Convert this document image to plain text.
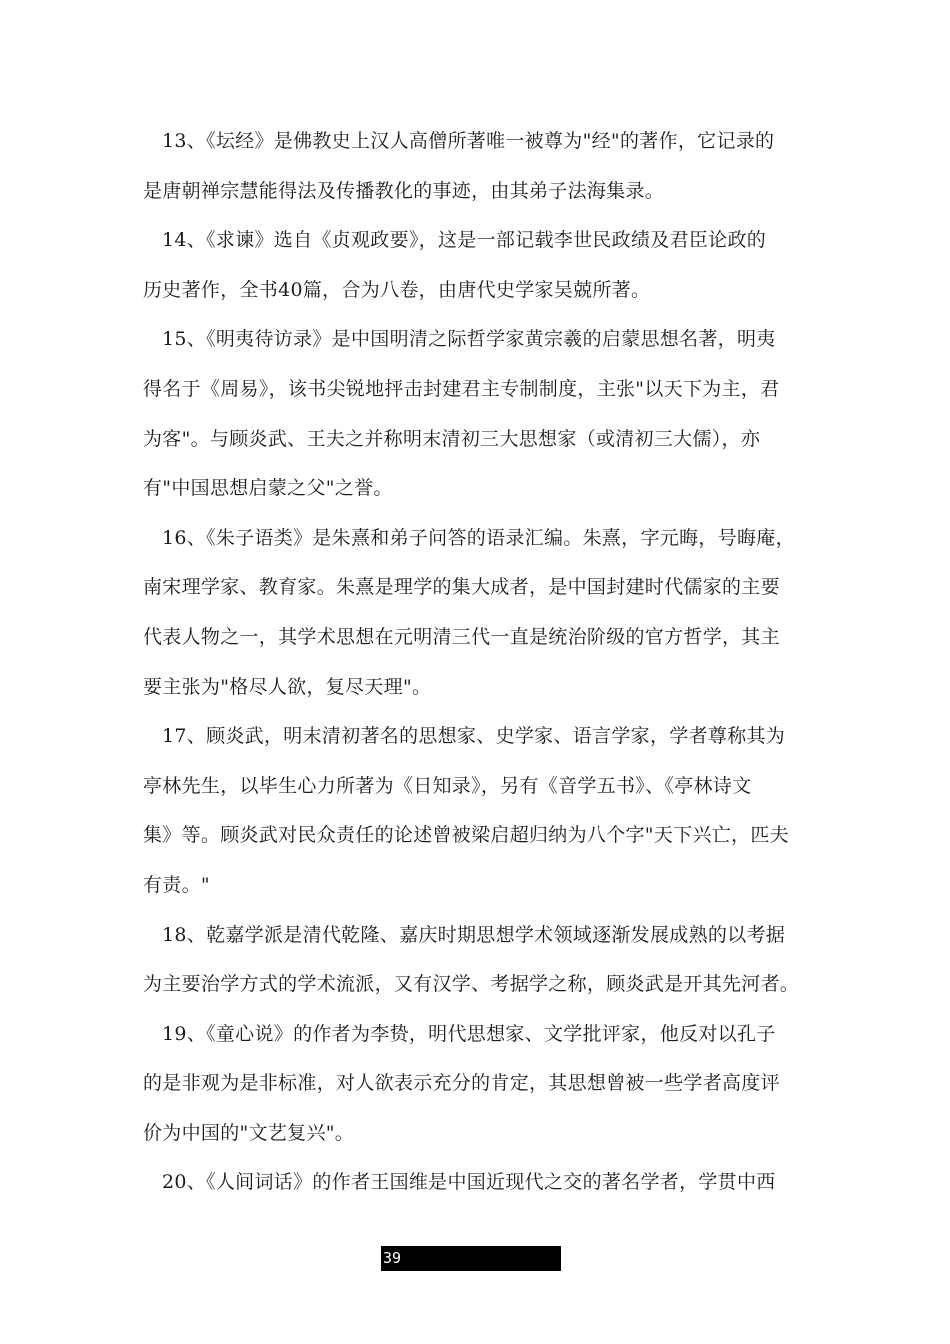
13、《坛经》是佛教史上汉人高僧所著唯一被尊为"经"的著作，它记录的
是唐朝禅宗慧能得法及传播教化的事迹，由其弟子法海集录。
14、《求谏》选自《贞观政要》，这是一部记载李世民政绩及君臣论政的
历史著作，全书40篇，合为八卷，由唐代史学家吴兢所著。
15、《明夷待访录》是中国明清之际哲学家黄宗羲的启蒙思想名著，明夷
得名于《周易》，该书尖锐地抨击封建君主专制制度，主张"以天下为主，君
为客"。与顾炎武、王夫之并称明末清初三大思想家（或清初三大儒），亦
有"中国思想启蒙之父"之誉。
16、《朱子语类》是朱熹和弟子问答的语录汇编。朱熹，字元晦，号晦庵，
南宋理学家、教育家。朱熹是理学的集大成者，是中国封建时代儒家的主要
代表人物之一，其学术思想在元明清三代一直是统治阶级的官方哲学，其主
要主张为"格尽人欲，复尽天理"。
17、顾炎武，明末清初著名的思想家、史学家、语言学家，学者尊称其为
亭林先生，以毕生心力所著为《日知录》，另有《音学五书》、《亭林诗文
集》等。顾炎武对民众责任的论述曾被梁启超归纳为八个字"天下兴亡，匹夫
有责。"
18、乾嘉学派是清代乾隆、嘉庆时期思想学术领域逐渐发展成熟的以考据
为主要治学方式的学术流派，又有汉学、考据学之称，顾炎武是开其先河者。
19、《童心说》的作者为李贽，明代思想家、文学批评家，他反对以孔子
的是非观为是非标准，对人欲表示充分的肯定，其思想曾被一些学者高度评
价为中国的"文艺复兴"。
20、《人间词话》的作者王国维是中国近现代之交的著名学者，学贯中西
39
